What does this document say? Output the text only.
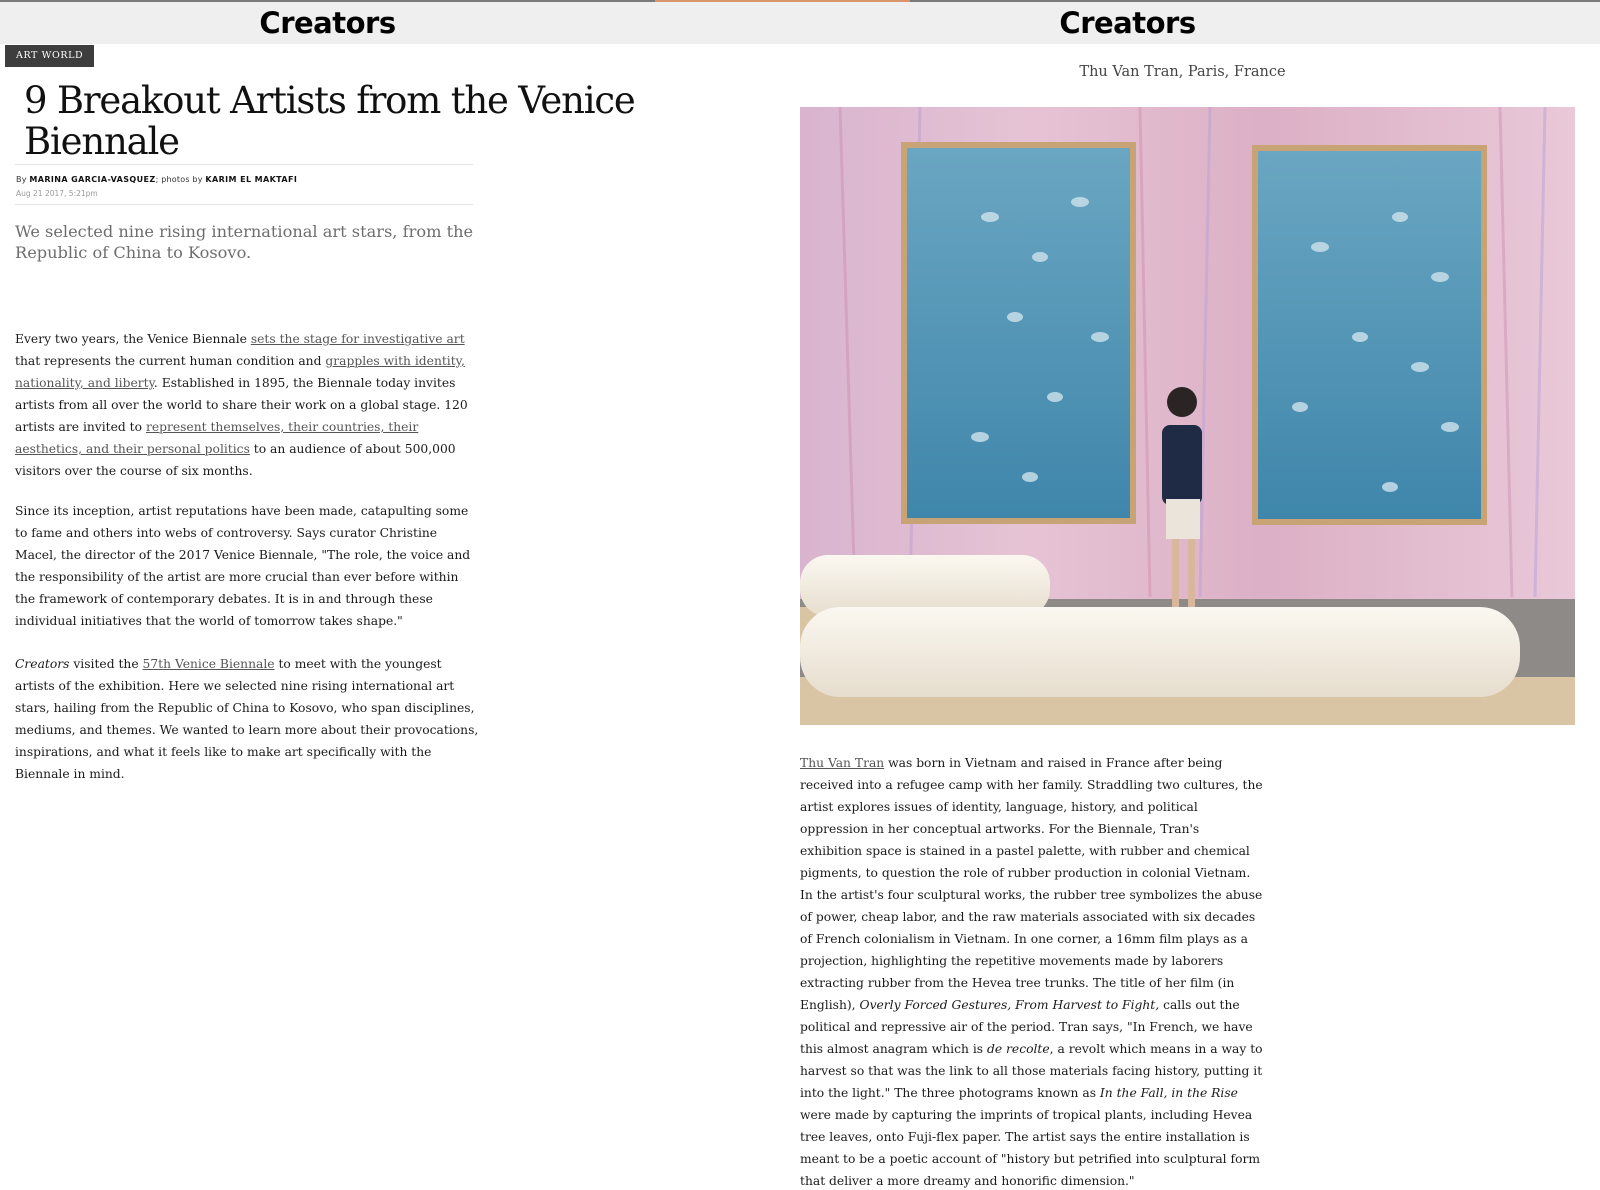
Creators
ART WORLD
9 Breakout Artists from the Venice Biennale
By MARINA GARCIA-VASQUEZ; photos by KARIM EL MAKTAFI
Aug 21 2017, 5:21pm

We selected nine rising international art stars, from the Republic of China to Kosovo.

Every two years, the Venice Biennale sets the stage for investigative art that represents the current human condition and grapples with identity, nationality, and liberty. Established in 1895, the Biennale today invites artists from all over the world to share their work on a global stage. 120 artists are invited to represent themselves, their countries, their aesthetics, and their personal politics to an audience of about 500,000 visitors over the course of six months.

Since its inception, artist reputations have been made, catapulting some to fame and others into webs of controversy. Says curator Christine Macel, the director of the 2017 Venice Biennale, "The role, the voice and the responsibility of the artist are more crucial than ever before within the framework of contemporary debates. It is in and through these individual initiatives that the world of tomorrow takes shape."

Creators visited the 57th Venice Biennale to meet with the youngest artists of the exhibition. Here we selected nine rising international art stars, hailing from the Republic of China to Kosovo, who span disciplines, mediums, and themes. We wanted to learn more about their provocations, inspirations, and what it feels like to make art specifically with the Biennale in mind.

Creators
Thu Van Tran, Paris, France

Thu Van Tran was born in Vietnam and raised in France after being received into a refugee camp with her family. Straddling two cultures, the artist explores issues of identity, language, history, and political oppression in her conceptual artworks. For the Biennale, Tran's exhibition space is stained in a pastel palette, with rubber and chemical pigments, to question the role of rubber production in colonial Vietnam. In the artist's four sculptural works, the rubber tree symbolizes the abuse of power, cheap labor, and the raw materials associated with six decades of French colonialism in Vietnam. In one corner, a 16mm film plays as a projection, highlighting the repetitive movements made by laborers extracting rubber from the Hevea tree trunks. The title of her film (in English), Overly Forced Gestures, From Harvest to Fight, calls out the political and repressive air of the period. Tran says, "In French, we have this almost anagram which is de recolte, a revolt which means in a way to harvest so that was the link to all those materials facing history, putting it into the light." The three photograms known as In the Fall, in the Rise were made by capturing the imprints of tropical plants, including Hevea tree leaves, onto Fuji-flex paper. The artist says the entire installation is meant to be a poetic account of "history but petrified into sculptural form that deliver a more dreamy and honorific dimension."
